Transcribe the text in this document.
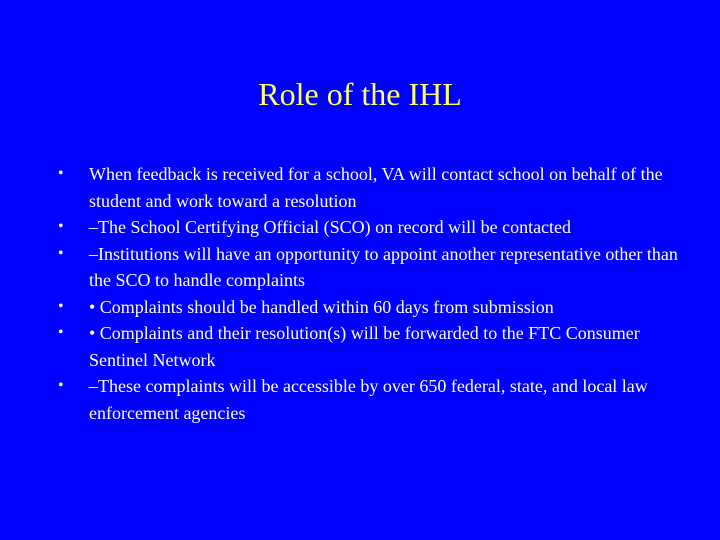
Role of the IHL
•	When feedback is received for a school, VA will contact school on behalf of the student and work toward a resolution
•	–The School Certifying Official (SCO) on record will be contacted
•	–Institutions will have an opportunity to appoint another representative other than the SCO to handle complaints
•	• Complaints should be handled within 60 days from submission
•	• Complaints and their resolution(s) will be forwarded to the FTC Consumer Sentinel Network
•	–These complaints will be accessible by over 650 federal, state, and local law enforcement agencies
